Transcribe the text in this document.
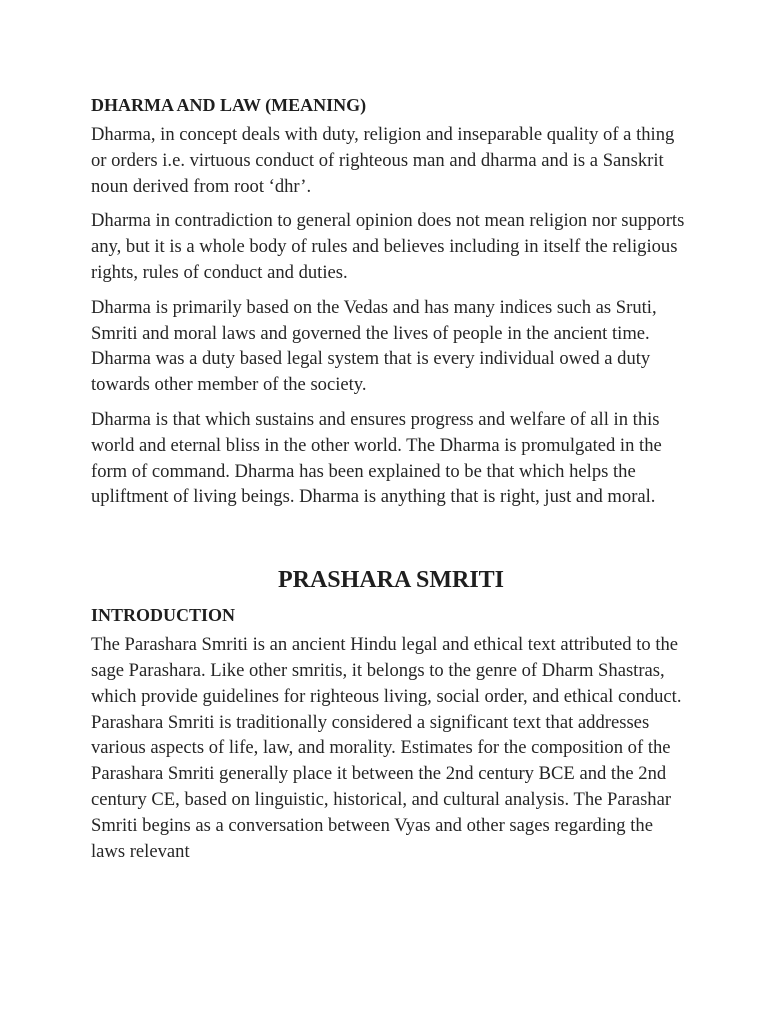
DHARMA AND LAW (MEANING)

Dharma, in concept deals with duty, religion and inseparable quality of a thing or orders i.e. virtuous conduct of righteous man and dharma and is a Sanskrit noun derived from root ‘dhr’.

Dharma in contradiction to general opinion does not mean religion nor supports any, but it is a whole body of rules and believes including in itself the religious rights, rules of conduct and duties.

Dharma is primarily based on the Vedas and has many indices such as Sruti, Smriti and moral laws and governed the lives of people in the ancient time. Dharma was a duty based legal system that is every individual owed a duty towards other member of the society.

Dharma is that which sustains and ensures progress and welfare of all in this world and eternal bliss in the other world. The Dharma is promulgated in the form of command. Dharma has been explained to be that which helps the upliftment of living beings. Dharma is anything that is right, just and moral.

PRASHARA SMRITI
INTRODUCTION

The Parashara Smriti is an ancient Hindu legal and ethical text attributed to the sage Parashara. Like other smritis, it belongs to the genre of Dharm Shastras, which provide guidelines for righteous living, social order, and ethical conduct. Parashara Smriti is traditionally considered a significant text that addresses various aspects of life, law, and morality. Estimates for the composition of the Parashara Smriti generally place it between the 2nd century BCE and the 2nd century CE, based on linguistic, historical, and cultural analysis. The Parashar Smriti begins as a conversation between Vyas and other sages regarding the laws relevant
